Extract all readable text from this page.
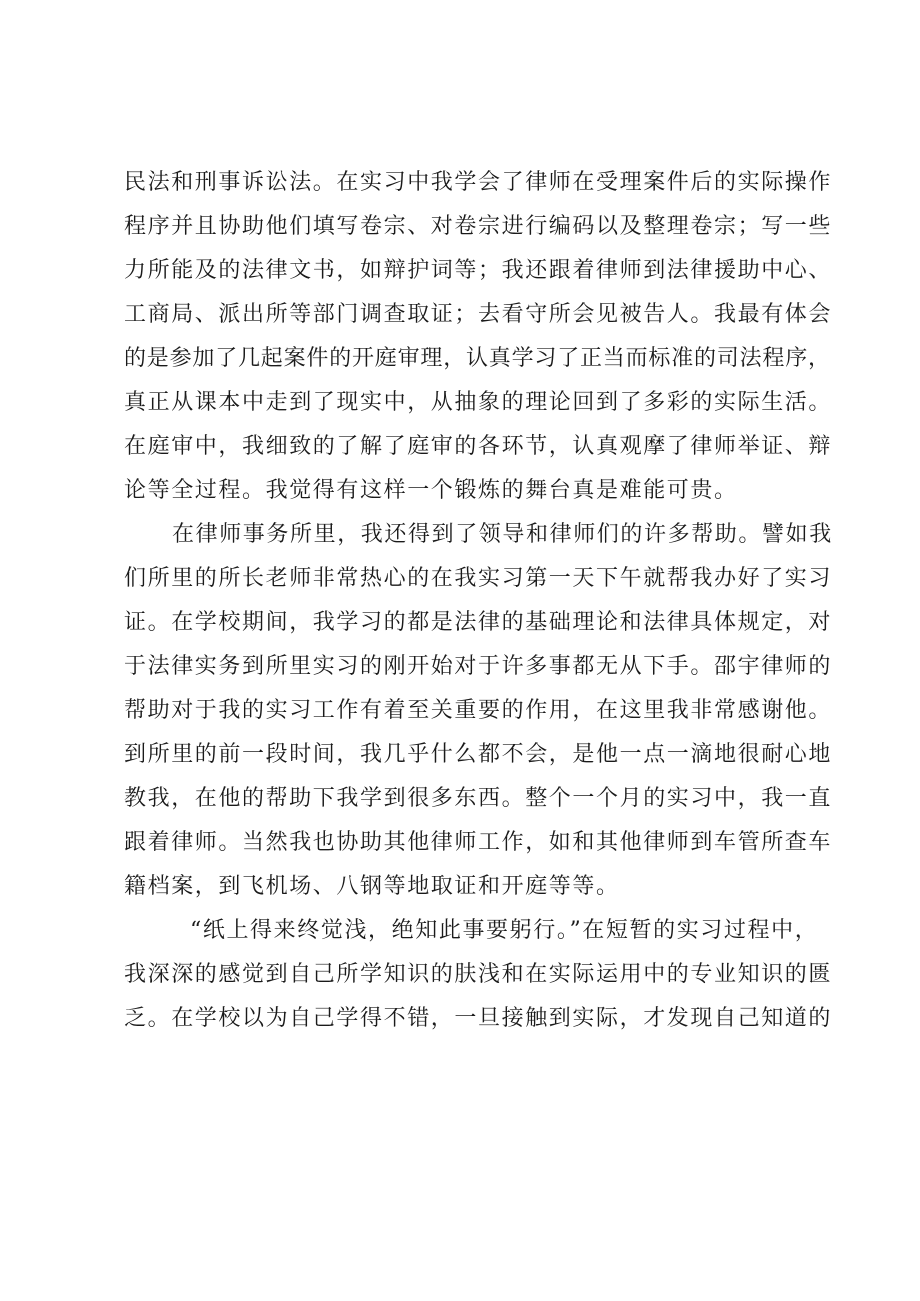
民法和刑事诉讼法。在实习中我学会了律师在受理案件后的实际操作
程序并且协助他们填写卷宗、对卷宗进行编码以及整理卷宗；写一些
力所能及的法律文书，如辩护词等；我还跟着律师到法律援助中心、
工商局、派出所等部门调查取证；去看守所会见被告人。我最有体会
的是参加了几起案件的开庭审理，认真学习了正当而标准的司法程序，
真正从课本中走到了现实中，从抽象的理论回到了多彩的实际生活。
在庭审中，我细致的了解了庭审的各环节，认真观摩了律师举证、辩
论等全过程。我觉得有这样一个锻炼的舞台真是难能可贵。
在律师事务所里，我还得到了领导和律师们的许多帮助。譬如我
们所里的所长老师非常热心的在我实习第一天下午就帮我办好了实习
证。在学校期间，我学习的都是法律的基础理论和法律具体规定，对
于法律实务到所里实习的刚开始对于许多事都无从下手。邵宇律师的
帮助对于我的实习工作有着至关重要的作用，在这里我非常感谢他。
到所里的前一段时间，我几乎什么都不会，是他一点一滴地很耐心地
教我，在他的帮助下我学到很多东西。整个一个月的实习中，我一直
跟着律师。当然我也协助其他律师工作，如和其他律师到车管所查车
籍档案，到飞机场、八钢等地取证和开庭等等。
“纸上得来终觉浅，绝知此事要躬行。”在短暂的实习过程中，
我深深的感觉到自己所学知识的肤浅和在实际运用中的专业知识的匮
乏。在学校以为自己学得不错，一旦接触到实际，才发现自己知道的
